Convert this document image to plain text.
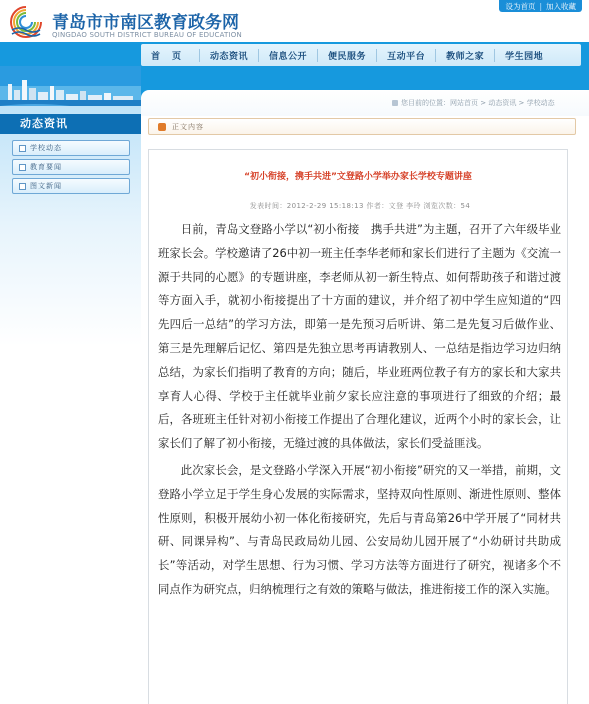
青岛市市南区教育政务网
QINGDAO SOUTH DISTRICT BUREAU OF EDUCATION
设为首页 | 加入收藏
首页	动态资讯	信息公开	便民服务	互动平台	教师之家	学生园地
动态资讯
学校动态
教育要闻
图文新闻
您目前的位置：网站首页 > 动态资讯 > 学校动态
正文内容
“初小衔接，携手共进”文登路小学举办家长学校专题讲座
发表时间：2012-2-29 15:18:13 作者：文登 李玲 浏览次数：54

日前，青岛文登路小学以“初小衔接　携手共进”为主题，召开了六年级毕业班家长会。学校邀请了26中初一班主任李华老师和家长们进行了主题为《交流一源于共同的心愿》的专题讲座，李老师从初一新生特点、如何帮助孩子和谐过渡等方面入手，就初小衔接提出了十方面的建议，并介绍了初中学生应知道的“四先四后一总结”的学习方法，即第一是先预习后听讲、第二是先复习后做作业、第三是先理解后记忆、第四是先独立思考再请教别人、一总结是指边学习边归纳总结，为家长们指明了教育的方向；随后，毕业班两位教子有方的家长和大家共享育人心得、学校于主任就毕业前夕家长应注意的事项进行了细致的介绍；最后，各班班主任针对初小衔接工作提出了合理化建议，近两个小时的家长会，让家长们了解了初小衔接，无缝过渡的具体做法，家长们受益匪浅。

此次家长会，是文登路小学深入开展“初小衔接”研究的又一举措，前期，文登路小学立足于学生身心发展的实际需求，坚持双向性原则、渐进性原则、整体性原则，积极开展幼小初一体化衔接研究，先后与青岛第26中学开展了“同材共研、同课异构”、与青岛民政局幼儿园、公安局幼儿园开展了“小幼研讨共助成长”等活动，对学生思想、行为习惯、学习方法等方面进行了研究，视诸多个不同点作为研究点，归纳梳理行之有效的策略与做法，推进衔接工作的深入实施。
